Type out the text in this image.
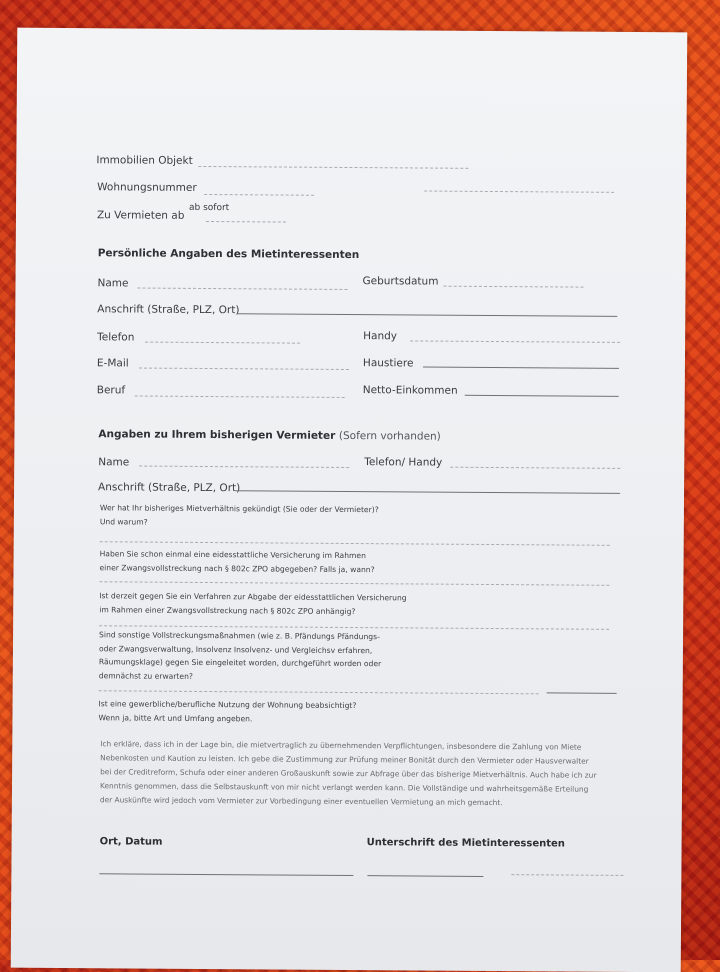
Immobilien Objekt
Wohnungsnummer
Zu Vermieten ab
ab sofort
Persönliche Angaben des Mietinteressenten
Name	Geburtsdatum
Anschrift (Straße, PLZ, Ort)
Telefon	Handy
E-Mail	Haustiere
Beruf	Netto-Einkommen
Angaben zu Ihrem bisherigen Vermieter (Sofern vorhanden)
Name	Telefon/ Handy
Anschrift (Straße, PLZ, Ort)
Wer hat Ihr bisheriges Mietverhältnis gekündigt (Sie oder der Vermieter)?
Und warum?
Haben Sie schon einmal eine eidesstattliche Versicherung im Rahmen
einer Zwangsvollstreckung nach § 802c ZPO abgegeben? Falls ja, wann?
Ist derzeit gegen Sie ein Verfahren zur Abgabe der eidesstattlichen Versicherung
im Rahmen einer Zwangsvollstreckung nach § 802c ZPO anhängig?
Sind sonstige Vollstreckungsmaßnahmen (wie z. B. Pfändungs Pfändungs-
oder Zwangsverwaltung, Insolvenz Insolvenz- und Vergleichsv erfahren,
Räumungsklage) gegen Sie eingeleitet worden, durchgeführt worden oder
demnächst zu erwarten?
Ist eine gewerbliche/berufliche Nutzung der Wohnung beabsichtigt?
Wenn ja, bitte Art und Umfang angeben.
Ich erkläre, dass ich in der Lage bin, die mietvertraglich zu übernehmenden Verpflichtungen, insbesondere die Zahlung von Miete
Nebenkosten und Kaution zu leisten. Ich gebe die Zustimmung zur Prüfung meiner Bonität durch den Vermieter oder Hausverwalter
bei der Creditreform, Schufa oder einer anderen Großauskunft sowie zur Abfrage über das bisherige Mietverhältnis. Auch habe ich zur
Kenntnis genommen, dass die Selbstauskunft von mir nicht verlangt werden kann. Die Vollständige und wahrheitsgemäße Erteilung
der Auskünfte wird jedoch vom Vermieter zur Vorbedingung einer eventuellen Vermietung an mich gemacht.
Ort, Datum	Unterschrift des Mietinteressenten
